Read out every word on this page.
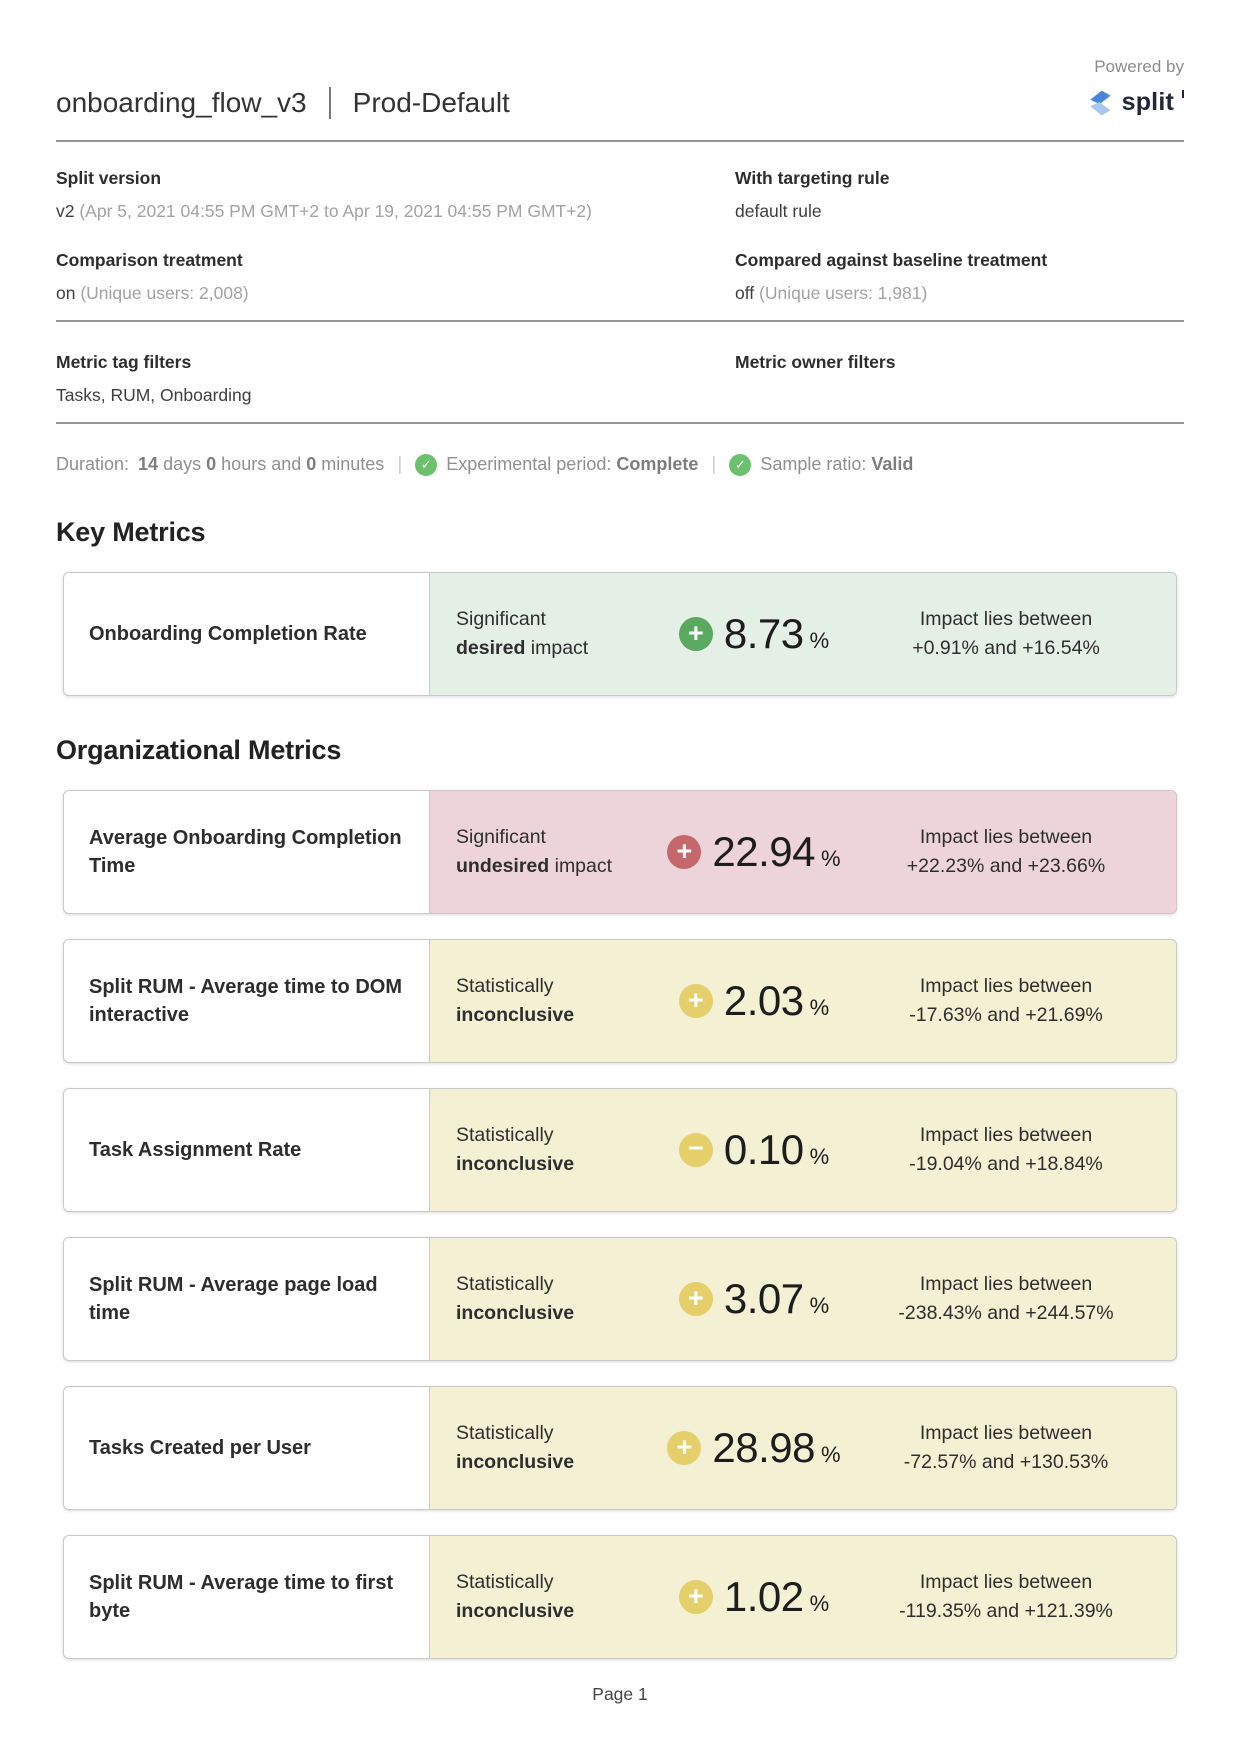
Powered by
onboarding_flow_v3 Prod-Default	split
Split version
v2 (Apr 5, 2021 04:55 PM GMT+2 to Apr 19, 2021 04:55 PM GMT+2)
With targeting rule
default rule
Comparison treatment
on (Unique users: 2,008)
Compared against baseline treatment
off (Unique users: 1,981)
Metric tag filters
Tasks, RUM, Onboarding
Metric owner filters
Duration: 14 days 0 hours and 0 minutes | ✓ Experimental period: Complete | ✓ Sample ratio: Valid
Key Metrics
Onboarding Completion Rate
Significant
desired impact +	8.73 %
Impact lies between
+0.91% and +16.54%
Organizational Metrics
Average Onboarding Completion Time
Significant
undesired impact +	22.94 %
Impact lies between
+22.23% and +23.66%
Split RUM - Average time to DOM interactive
Statistically
inconclusive +	2.03 %
Impact lies between
-17.63% and +21.69%
Task Assignment Rate
Statistically
inconclusive −	0.10 %
Impact lies between
-19.04% and +18.84%
Split RUM - Average page load time
Statistically
inconclusive +	3.07 %
Impact lies between
-238.43% and +244.57%
Tasks Created per User
Statistically
inconclusive +	28.98 %
Impact lies between
-72.57% and +130.53%
Split RUM - Average time to first byte
Statistically
inconclusive +	1.02 %
Impact lies between
-119.35% and +121.39%
Page 1
